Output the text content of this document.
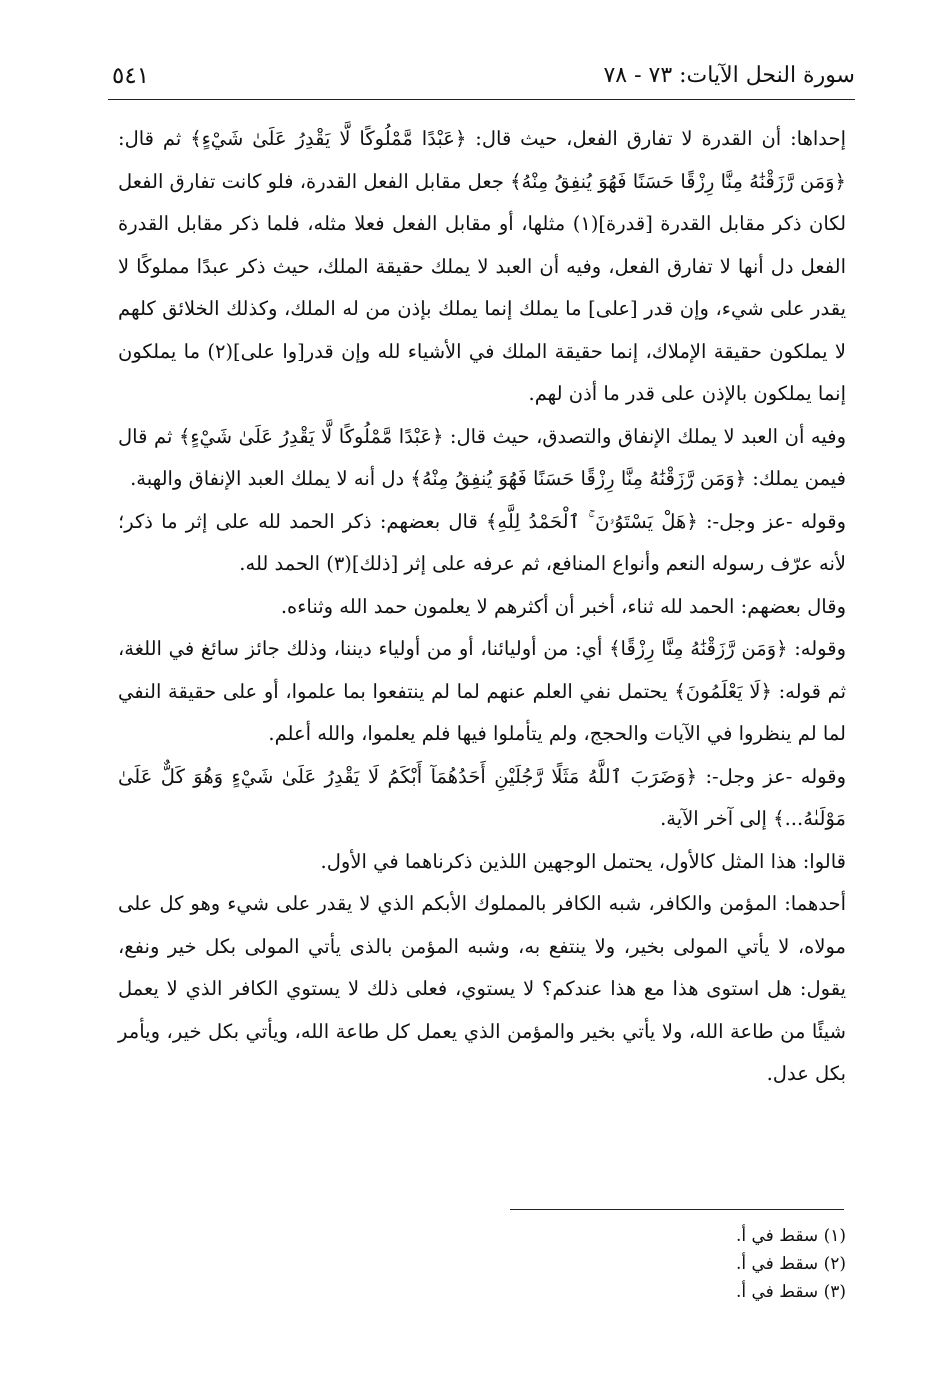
سورة النحل الآيات: ٧٣ - ٧٨
٥٤١

إحداها: أن القدرة لا تفارق الفعل، حيث قال: ﴿عَبْدًا مَّمْلُوكًا لَّا يَقْدِرُ عَلَىٰ شَيْءٍ﴾ ثم قال: ﴿وَمَن رَّزَقْنَٰهُ مِنَّا رِزْقًا حَسَنًا فَهُوَ يُنفِقُ مِنْهُ﴾ جعل مقابل الفعل القدرة، فلو كانت تفارق الفعل لكان ذكر مقابل القدرة [قدرة](١) مثلها، أو مقابل الفعل فعلا مثله، فلما ذكر مقابل القدرة الفعل دل أنها لا تفارق الفعل، وفيه أن العبد لا يملك حقيقة الملك، حيث ذكر عبدًا مملوكًا لا يقدر على شيء، وإن قدر [على] ما يملك إنما يملك بإذن من له الملك، وكذلك الخلائق كلهم لا يملكون حقيقة الإملاك، إنما حقيقة الملك في الأشياء لله وإن قدر[وا على](٢) ما يملكون إنما يملكون بالإذن على قدر ما أذن لهم.

وفيه أن العبد لا يملك الإنفاق والتصدق، حيث قال: ﴿عَبْدًا مَّمْلُوكًا لَّا يَقْدِرُ عَلَىٰ شَيْءٍ﴾ ثم قال فيمن يملك: ﴿وَمَن رَّزَقْنَٰهُ مِنَّا رِزْقًا حَسَنًا فَهُوَ يُنفِقُ مِنْهُ﴾ دل أنه لا يملك العبد الإنفاق والهبة.

وقوله -عز وجل-: ﴿هَلْ يَسْتَوُۥنَ ۚ ٱلْحَمْدُ لِلَّهِ﴾ قال بعضهم: ذكر الحمد لله على إثر ما ذكر؛ لأنه عرّف رسوله النعم وأنواع المنافع، ثم عرفه على إثر [ذلك](٣) الحمد لله.

وقال بعضهم: الحمد لله ثناء، أخبر أن أكثرهم لا يعلمون حمد الله وثناءه.

وقوله: ﴿وَمَن رَّزَقْنَٰهُ مِنَّا رِزْقًا﴾ أي: من أوليائنا، أو من أولياء ديننا، وذلك جائز سائغ في اللغة، ثم قوله: ﴿لَا يَعْلَمُونَ﴾ يحتمل نفي العلم عنهم لما لم ينتفعوا بما علموا، أو على حقيقة النفي لما لم ينظروا في الآيات والحجج، ولم يتأملوا فيها فلم يعلموا، والله أعلم.

وقوله -عز وجل-: ﴿وَضَرَبَ ٱللَّهُ مَثَلًا رَّجُلَيْنِ أَحَدُهُمَآ أَبْكَمُ لَا يَقْدِرُ عَلَىٰ شَيْءٍ وَهُوَ كَلٌّ عَلَىٰ مَوْلَىٰهُ...﴾ إلى آخر الآية.

قالوا: هذا المثل كالأول، يحتمل الوجهين اللذين ذكرناهما في الأول.

أحدهما: المؤمن والكافر، شبه الكافر بالمملوك الأبكم الذي لا يقدر على شيء وهو كل على مولاه، لا يأتي المولى بخير، ولا ينتفع به، وشبه المؤمن بالذى يأتي المولى بكل خير ونفع، يقول: هل استوى هذا مع هذا عندكم؟ لا يستوي، فعلى ذلك لا يستوي الكافر الذي لا يعمل شيئًا من طاعة الله، ولا يأتي بخير والمؤمن الذي يعمل كل طاعة الله، ويأتي بكل خير، ويأمر بكل عدل.

(١) سقط في أ.
(٢) سقط في أ.
(٣) سقط في أ.
